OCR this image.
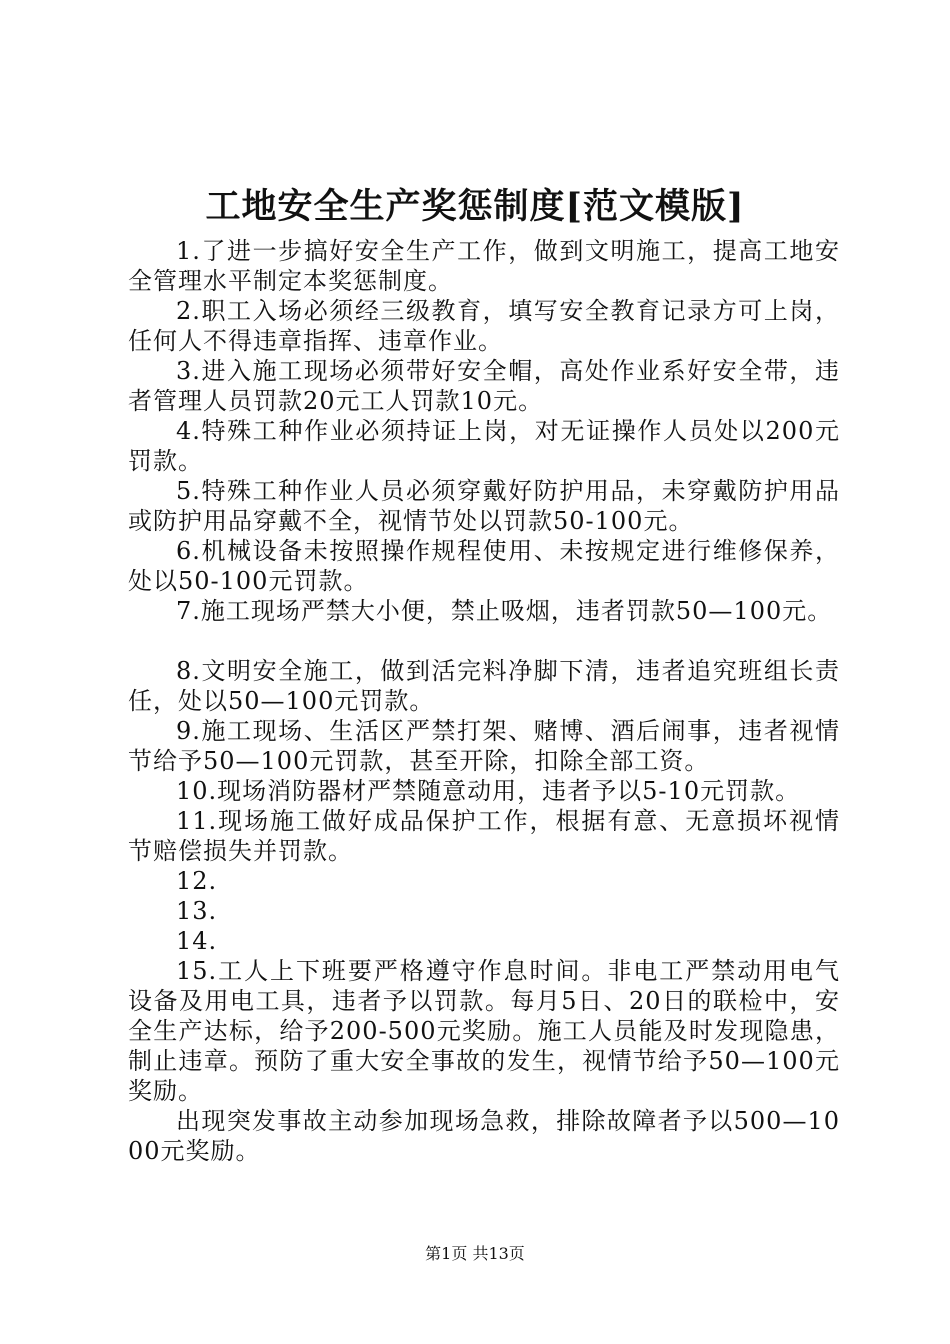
工地安全生产奖惩制度[范文模版]

1.了进一步搞好安全生产工作，做到文明施工，提高工地安全管理水平制定本奖惩制度。

2.职工入场必须经三级教育，填写安全教育记录方可上岗，任何人不得违章指挥、违章作业。

3.进入施工现场必须带好安全帽，高处作业系好安全带，违者管理人员罚款20元工人罚款10元。

4.特殊工种作业必须持证上岗，对无证操作人员处以200元罚款。

5.特殊工种作业人员必须穿戴好防护用品，未穿戴防护用品或防护用品穿戴不全，视情节处以罚款50-100元。

6.机械设备未按照操作规程使用、未按规定进行维修保养，处以50-100元罚款。

7.施工现场严禁大小便，禁止吸烟，违者罚款50—100元。

8.文明安全施工，做到活完料净脚下清，违者追究班组长责任，处以50—100元罚款。

9.施工现场、生活区严禁打架、赌博、酒后闹事，违者视情节给予50—100元罚款，甚至开除，扣除全部工资。

10.现场消防器材严禁随意动用，违者予以5-10元罚款。

11.现场施工做好成品保护工作，根据有意、无意损坏视情节赔偿损失并罚款。

12.

13.

14.

15.工人上下班要严格遵守作息时间。非电工严禁动用电气设备及用电工具，违者予以罚款。每月5日、20日的联检中，安全生产达标，给予200-500元奖励。施工人员能及时发现隐患，制止违章。预防了重大安全事故的发生，视情节给予50—100元奖励。

出现突发事故主动参加现场急救，排除故障者予以500—1000元奖励。

第1页 共13页
